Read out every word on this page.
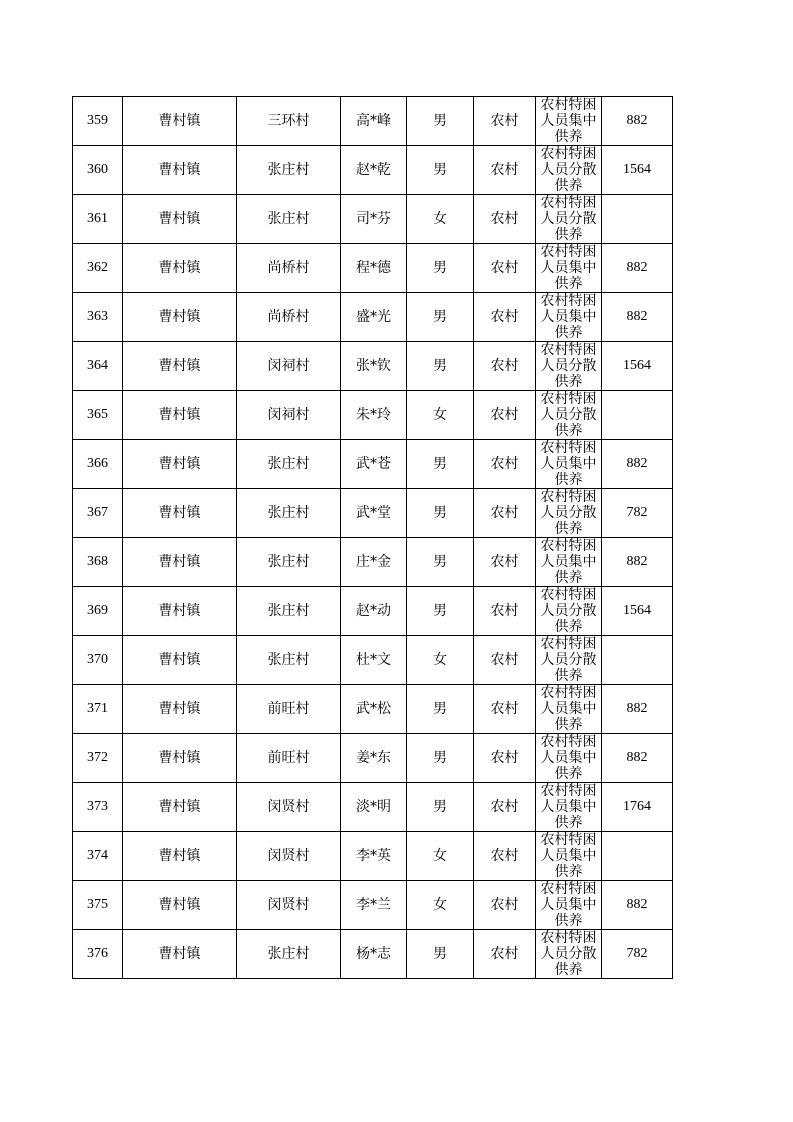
359	曹村镇	三环村	高*峰	男	农村	农村特困人员集中供养	882
360	曹村镇	张庄村	赵*乾	男	农村	农村特困人员分散供养	1564
361	曹村镇	张庄村	司*芬	女	农村	农村特困人员分散供养	

362	曹村镇	尚桥村	程*德	男	农村	农村特困人员集中供养	882
363	曹村镇	尚桥村	盛*光	男	农村	农村特困人员集中供养	882
364	曹村镇	闵祠村	张*钦	男	农村	农村特困人员分散供养	1564
365	曹村镇	闵祠村	朱*玲	女	农村	农村特困人员分散供养	

366	曹村镇	张庄村	武*苍	男	农村	农村特困人员集中供养	882
367	曹村镇	张庄村	武*堂	男	农村	农村特困人员分散供养	782
368	曹村镇	张庄村	庄*金	男	农村	农村特困人员集中供养	882
369	曹村镇	张庄村	赵*动	男	农村	农村特困人员分散供养	1564
370	曹村镇	张庄村	杜*文	女	农村	农村特困人员分散供养	

371	曹村镇	前旺村	武*松	男	农村	农村特困人员集中供养	882
372	曹村镇	前旺村	姜*东	男	农村	农村特困人员集中供养	882
373	曹村镇	闵贤村	淡*明	男	农村	农村特困人员集中供养	1764
374	曹村镇	闵贤村	李*英	女	农村	农村特困人员集中供养	

375	曹村镇	闵贤村	李*兰	女	农村	农村特困人员集中供养	882
376	曹村镇	张庄村	杨*志	男	农村	农村特困人员分散供养	782
